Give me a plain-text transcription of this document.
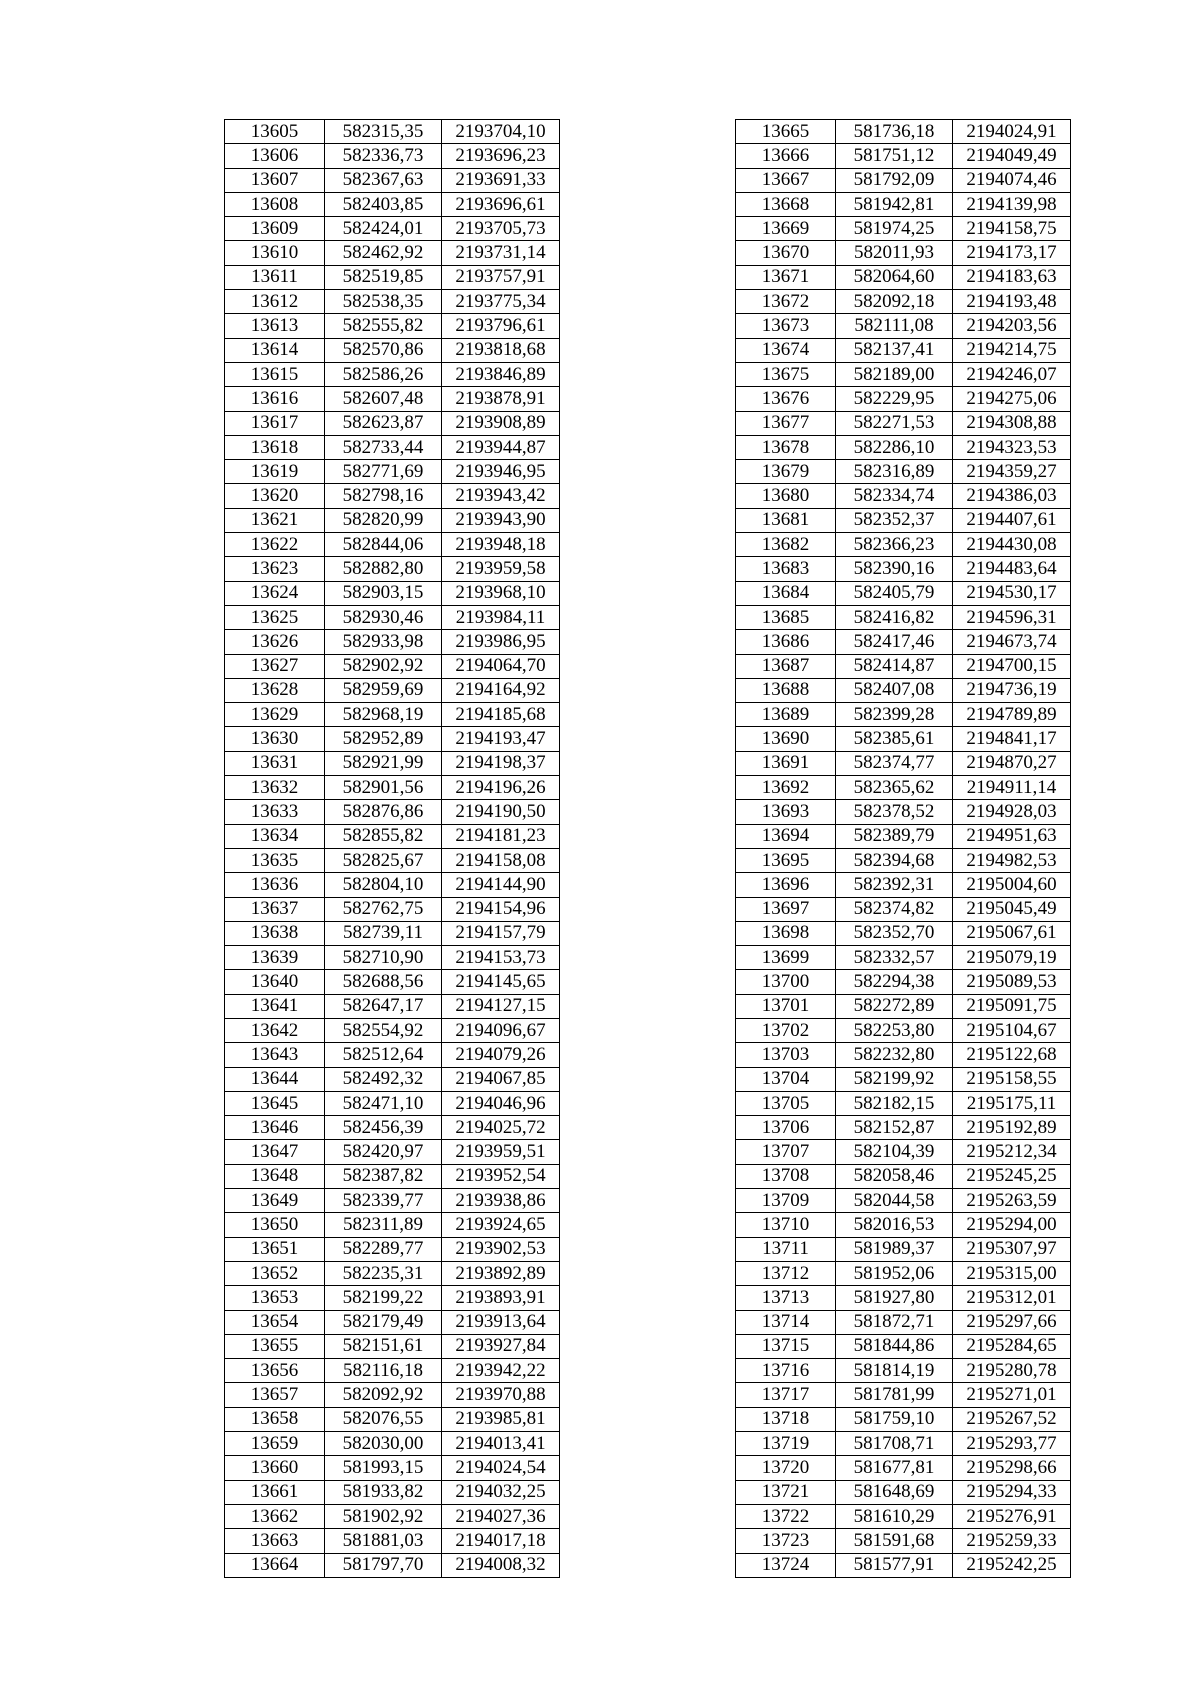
13605	582315,35	2193704,10
13606	582336,73	2193696,23
13607	582367,63	2193691,33
13608	582403,85	2193696,61
13609	582424,01	2193705,73
13610	582462,92	2193731,14
13611	582519,85	2193757,91
13612	582538,35	2193775,34
13613	582555,82	2193796,61
13614	582570,86	2193818,68
13615	582586,26	2193846,89
13616	582607,48	2193878,91
13617	582623,87	2193908,89
13618	582733,44	2193944,87
13619	582771,69	2193946,95
13620	582798,16	2193943,42
13621	582820,99	2193943,90
13622	582844,06	2193948,18
13623	582882,80	2193959,58
13624	582903,15	2193968,10
13625	582930,46	2193984,11
13626	582933,98	2193986,95
13627	582902,92	2194064,70
13628	582959,69	2194164,92
13629	582968,19	2194185,68
13630	582952,89	2194193,47
13631	582921,99	2194198,37
13632	582901,56	2194196,26
13633	582876,86	2194190,50
13634	582855,82	2194181,23
13635	582825,67	2194158,08
13636	582804,10	2194144,90
13637	582762,75	2194154,96
13638	582739,11	2194157,79
13639	582710,90	2194153,73
13640	582688,56	2194145,65
13641	582647,17	2194127,15
13642	582554,92	2194096,67
13643	582512,64	2194079,26
13644	582492,32	2194067,85
13645	582471,10	2194046,96
13646	582456,39	2194025,72
13647	582420,97	2193959,51
13648	582387,82	2193952,54
13649	582339,77	2193938,86
13650	582311,89	2193924,65
13651	582289,77	2193902,53
13652	582235,31	2193892,89
13653	582199,22	2193893,91
13654	582179,49	2193913,64
13655	582151,61	2193927,84
13656	582116,18	2193942,22
13657	582092,92	2193970,88
13658	582076,55	2193985,81
13659	582030,00	2194013,41
13660	581993,15	2194024,54
13661	581933,82	2194032,25
13662	581902,92	2194027,36
13663	581881,03	2194017,18
13664	581797,70	2194008,32
13665	581736,18	2194024,91
13666	581751,12	2194049,49
13667	581792,09	2194074,46
13668	581942,81	2194139,98
13669	581974,25	2194158,75
13670	582011,93	2194173,17
13671	582064,60	2194183,63
13672	582092,18	2194193,48
13673	582111,08	2194203,56
13674	582137,41	2194214,75
13675	582189,00	2194246,07
13676	582229,95	2194275,06
13677	582271,53	2194308,88
13678	582286,10	2194323,53
13679	582316,89	2194359,27
13680	582334,74	2194386,03
13681	582352,37	2194407,61
13682	582366,23	2194430,08
13683	582390,16	2194483,64
13684	582405,79	2194530,17
13685	582416,82	2194596,31
13686	582417,46	2194673,74
13687	582414,87	2194700,15
13688	582407,08	2194736,19
13689	582399,28	2194789,89
13690	582385,61	2194841,17
13691	582374,77	2194870,27
13692	582365,62	2194911,14
13693	582378,52	2194928,03
13694	582389,79	2194951,63
13695	582394,68	2194982,53
13696	582392,31	2195004,60
13697	582374,82	2195045,49
13698	582352,70	2195067,61
13699	582332,57	2195079,19
13700	582294,38	2195089,53
13701	582272,89	2195091,75
13702	582253,80	2195104,67
13703	582232,80	2195122,68
13704	582199,92	2195158,55
13705	582182,15	2195175,11
13706	582152,87	2195192,89
13707	582104,39	2195212,34
13708	582058,46	2195245,25
13709	582044,58	2195263,59
13710	582016,53	2195294,00
13711	581989,37	2195307,97
13712	581952,06	2195315,00
13713	581927,80	2195312,01
13714	581872,71	2195297,66
13715	581844,86	2195284,65
13716	581814,19	2195280,78
13717	581781,99	2195271,01
13718	581759,10	2195267,52
13719	581708,71	2195293,77
13720	581677,81	2195298,66
13721	581648,69	2195294,33
13722	581610,29	2195276,91
13723	581591,68	2195259,33
13724	581577,91	2195242,25
